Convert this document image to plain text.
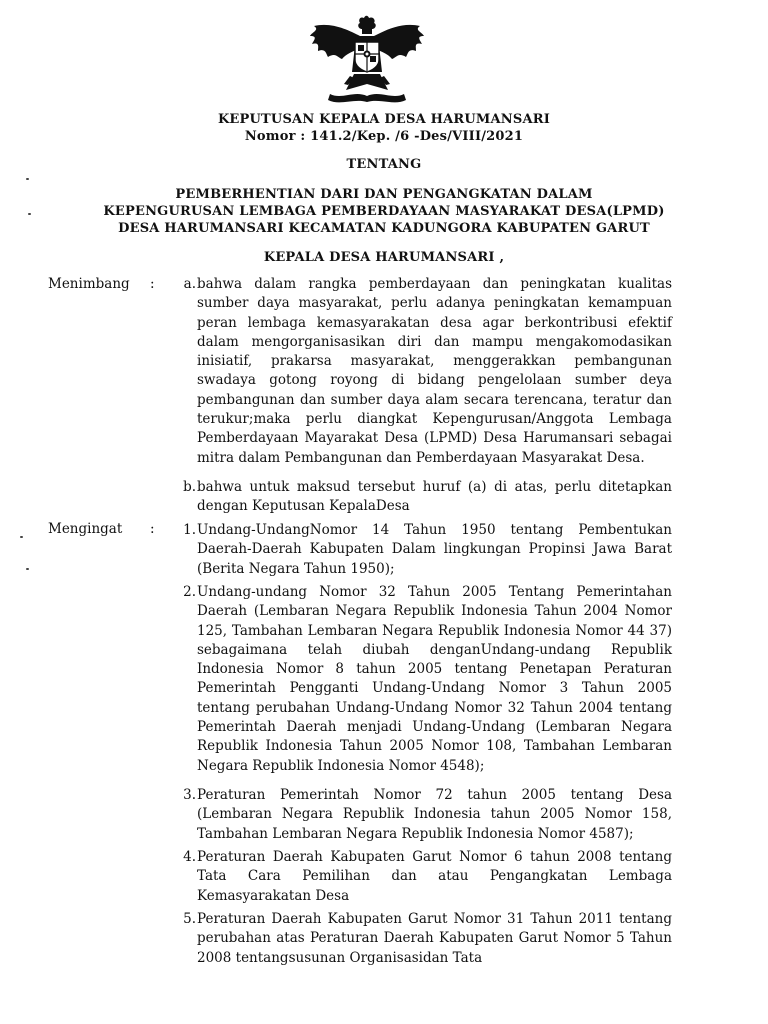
KEPUTUSAN KEPALA DESA HARUMANSARI
Nomor : 141.2/Kep. /6 -Des/VIII/2021
TENTANG
PEMBERHENTIAN DARI DAN PENGANGKATAN DALAM
KEPENGURUSAN LEMBAGA PEMBERDAYAAN MASYARAKAT DESA(LPMD)
DESA HARUMANSARI KECAMATAN KADUNGORA KABUPATEN GARUT
KEPALA DESA HARUMANSARI ,
Menimbang :	a. bahwa dalam rangka pemberdayaan dan peningkatan kualitas sumber daya masyarakat, perlu adanya peningkatan kemampuan peran lembaga kemasyarakatan desa agar berkontribusi efektif dalam mengorganisasikan diri dan mampu mengakomodasikan inisiatif, prakarsa masyarakat, menggerakkan pembangunan swadaya gotong royong di bidang pengelolaan sumber deya pembangunan dan sumber daya alam secara terencana, teratur dan terukur;maka perlu diangkat Kepengurusan/Anggota Lembaga Pemberdayaan Mayarakat Desa (LPMD) Desa Harumansari sebagai mitra dalam Pembangunan dan Pemberdayaan Masyarakat Desa.
b. bahwa untuk maksud tersebut huruf (a) di atas, perlu ditetapkan dengan Keputusan KepalaDesa
Mengingat :	1. Undang-UndangNomor 14 Tahun 1950 tentang Pembentukan Daerah-Daerah Kabupaten Dalam lingkungan Propinsi Jawa Barat (Berita Negara Tahun 1950);
2. Undang-undang Nomor 32 Tahun 2005 Tentang Pemerintahan Daerah (Lembaran Negara Republik Indonesia Tahun 2004 Nomor 125, Tambahan Lembaran Negara Republik Indonesia Nomor 44 37) sebagaimana telah diubah denganUndang-undang Republik Indonesia Nomor 8 tahun 2005 tentang Penetapan Peraturan Pemerintah Pengganti Undang-Undang Nomor 3 Tahun 2005 tentang perubahan Undang-Undang Nomor 32 Tahun 2004 tentang Pemerintah Daerah menjadi Undang-Undang (Lembaran Negara Republik Indonesia Tahun 2005 Nomor 108, Tambahan Lembaran Negara Republik Indonesia Nomor 4548);
3. Peraturan Pemerintah Nomor 72 tahun 2005 tentang Desa (Lembaran Negara Republik Indonesia tahun 2005 Nomor 158, Tambahan Lembaran Negara Republik Indonesia Nomor 4587);
4. Peraturan Daerah Kabupaten Garut Nomor 6 tahun 2008 tentang Tata Cara Pemilihan dan atau Pengangkatan Lembaga Kemasyarakatan Desa
5. Peraturan Daerah Kabupaten Garut Nomor 31 Tahun 2011 tentang perubahan atas Peraturan Daerah Kabupaten Garut Nomor 5 Tahun 2008 tentangsusunan Organisasidan Tata
